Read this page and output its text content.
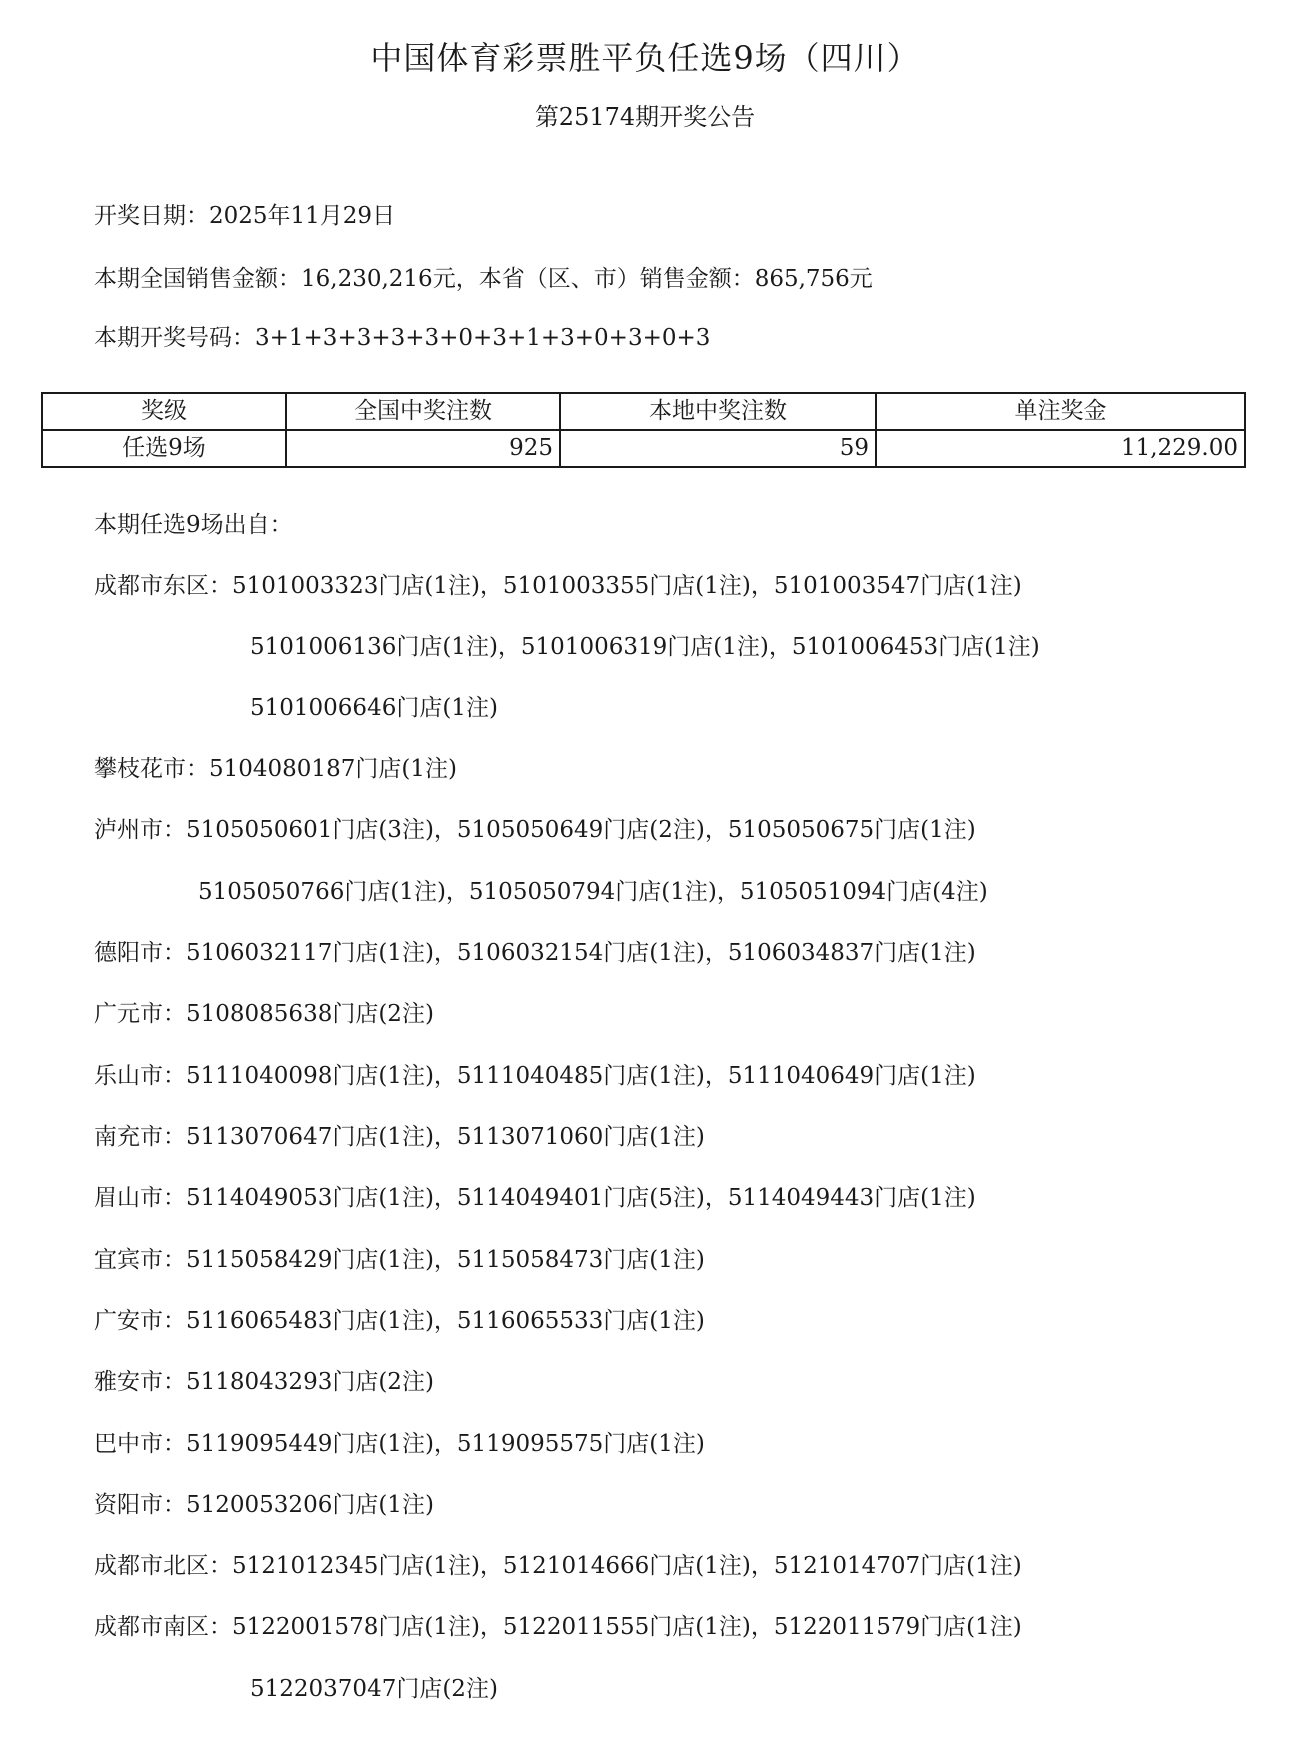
中国体育彩票胜平负任选9场（四川）
第25174期开奖公告
开奖日期：2025年11月29日
本期全国销售金额：16,230,216元，本省（区、市）销售金额：865,756元
本期开奖号码：3+1+3+3+3+3+0+3+1+3+0+3+0+3
奖级	全国中奖注数	本地中奖注数	单注奖金
任选9场	925	59	11,229.00
本期任选9场出自：
成都市东区：5101003323门店(1注)，5101003355门店(1注)，5101003547门店(1注)
5101006136门店(1注)，5101006319门店(1注)，5101006453门店(1注)
5101006646门店(1注)
攀枝花市：5104080187门店(1注)
泸州市：5105050601门店(3注)，5105050649门店(2注)，5105050675门店(1注)
5105050766门店(1注)，5105050794门店(1注)，5105051094门店(4注)
德阳市：5106032117门店(1注)，5106032154门店(1注)，5106034837门店(1注)
广元市：5108085638门店(2注)
乐山市：5111040098门店(1注)，5111040485门店(1注)，5111040649门店(1注)
南充市：5113070647门店(1注)，5113071060门店(1注)
眉山市：5114049053门店(1注)，5114049401门店(5注)，5114049443门店(1注)
宜宾市：5115058429门店(1注)，5115058473门店(1注)
广安市：5116065483门店(1注)，5116065533门店(1注)
雅安市：5118043293门店(2注)
巴中市：5119095449门店(1注)，5119095575门店(1注)
资阳市：5120053206门店(1注)
成都市北区：5121012345门店(1注)，5121014666门店(1注)，5121014707门店(1注)
成都市南区：5122001578门店(1注)，5122011555门店(1注)，5122011579门店(1注)
5122037047门店(2注)
